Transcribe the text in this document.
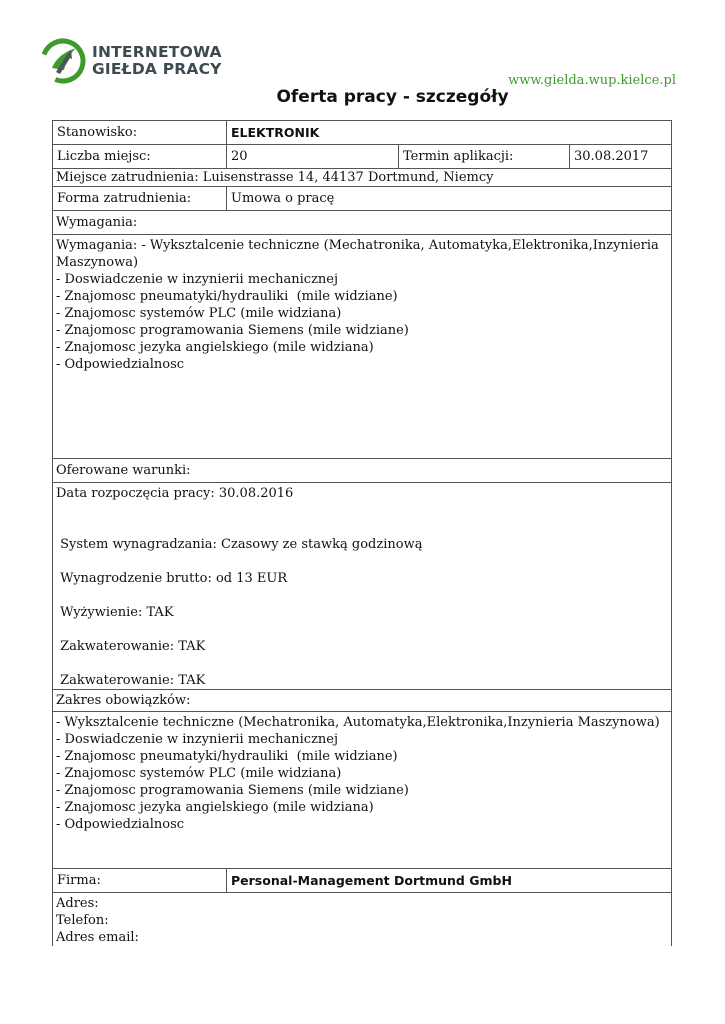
INTERNETOWA
GIEŁDA PRACY
www.gielda.wup.kielce.pl
Oferta pracy - szczegóły
Stanowisko:	ELEKTRONIK
Liczba miejsc:	20	Termin aplikacji:	30.08.2017
Miejsce zatrudnienia: Luisenstrasse 14, 44137 Dortmund, Niemcy
Forma zatrudnienia:	Umowa o pracę
Wymagania:
Wymagania: - Wyksztalcenie techniczne (Mechatronika, Automatyka,Elektronika,Inzynieria
Maszynowa)
- Doswiadczenie w inzynierii mechanicznej
- Znajomosc pneumatyki/hydrauliki  (mile widziane)
- Znajomosc systemów PLC (mile widziana)
- Znajomosc programowania Siemens (mile widziane)
- Znajomosc jezyka angielskiego (mile widziana)
- Odpowiedzialnosc
Oferowane warunki:
Data rozpoczęcia pracy: 30.08.2016
System wynagradzania: Czasowy ze stawką godzinową
Wynagrodzenie brutto: od 13 EUR
Wyżywienie: TAK
Zakwaterowanie: TAK
Zakwaterowanie: TAK
Zakres obowiązków:
- Wyksztalcenie techniczne (Mechatronika, Automatyka,Elektronika,Inzynieria Maszynowa)
- Doswiadczenie w inzynierii mechanicznej
- Znajomosc pneumatyki/hydrauliki  (mile widziane)
- Znajomosc systemów PLC (mile widziana)
- Znajomosc programowania Siemens (mile widziane)
- Znajomosc jezyka angielskiego (mile widziana)
- Odpowiedzialnosc
Firma:	Personal-Management Dortmund GmbH
Adres:
Telefon:
Adres email:
